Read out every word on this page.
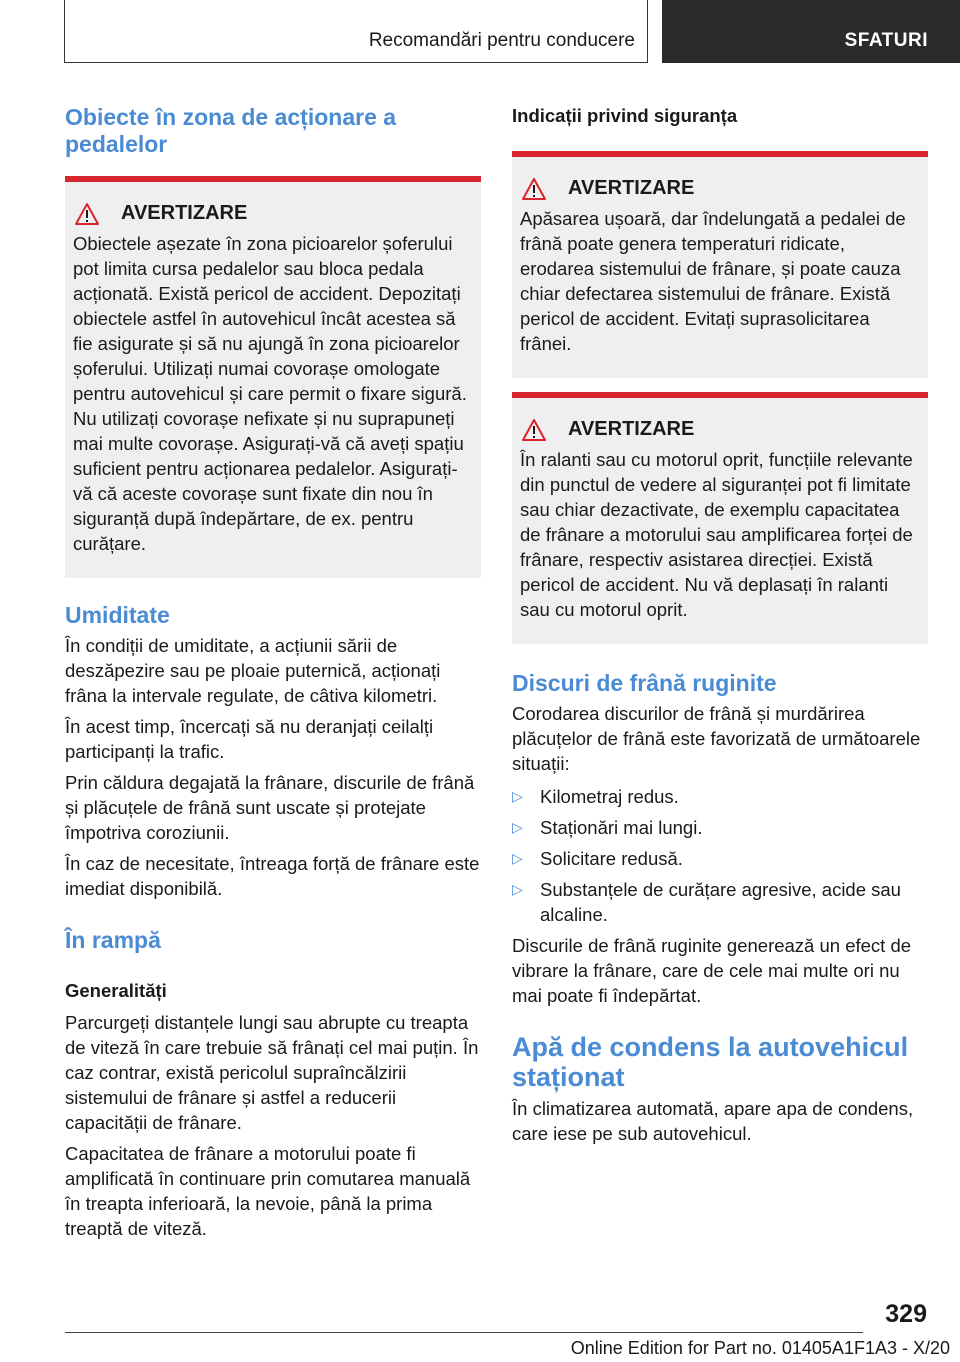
Recomandări pentru conducere	SFATURI
Obiecte în zona de acționare a pedalelor
AVERTIZARE

Obiectele așezate în zona picioarelor șoferului pot limita cursa pedalelor sau bloca pedala acționată. Există pericol de accident. Depozitați obiectele astfel în autovehicul încât acestea să fie asigurate și să nu ajungă în zona picioarelor șoferului. Utilizați numai covorașe omologate pentru autovehicul și care permit o fixare sigură. Nu utilizați covorașe nefixate și nu suprapuneți mai multe covorașe. Asigurați-vă că aveți spațiu suficient pentru acționarea pedalelor. Asigurați-vă că aceste covorașe sunt fixate din nou în siguranță după îndepărtare, de ex. pentru curățare.

Umiditate

În condiții de umiditate, a acțiunii sării de deszăpezire sau pe ploaie puternică, acționați frâna la intervale regulate, de câtiva kilometri.

În acest timp, încercați să nu deranjați ceilalți participanți la trafic.

Prin căldura degajată la frânare, discurile de frână și plăcuțele de frână sunt uscate și protejate împotriva coroziunii.

În caz de necesitate, întreaga forță de frânare este imediat disponibilă.

În rampă
Generalități

Parcurgeți distanțele lungi sau abrupte cu treapta de viteză în care trebuie să frânați cel mai puțin. În caz contrar, există pericolul supraîncălzirii sistemului de frânare și astfel a reducerii capacității de frânare.

Capacitatea de frânare a motorului poate fi amplificată în continuare prin comutarea manuală în treapta inferioară, la nevoie, până la prima treaptă de viteză.

Indicații privind siguranța
AVERTIZARE

Apăsarea ușoară, dar îndelungată a pedalei de frână poate genera temperaturi ridicate, erodarea sistemului de frânare, și poate cauza chiar defectarea sistemului de frânare. Există pericol de accident. Evitați suprasolicitarea frânei.

AVERTIZARE

În ralanti sau cu motorul oprit, funcțiile relevante din punctul de vedere al siguranței pot fi limitate sau chiar dezactivate, de exemplu capacitatea de frânare a motorului sau amplificarea forței de frânare, respectiv asistarea direcției. Există pericol de accident. Nu vă deplasați în ralanti sau cu motorul oprit.

Discuri de frână ruginite

Corodarea discurilor de frână și murdărirea plăcuțelor de frână este favorizată de următoarele situații:

▷ Kilometraj redus.
▷ Staționări mai lungi.
▷ Solicitare redusă.
▷ Substanțele de curățare agresive, acide sau alcaline.

Discurile de frână ruginite generează un efect de vibrare la frânare, care de cele mai multe ori nu mai poate fi îndepărtat.

Apă de condens la autovehicul staționat

În climatizarea automată, apare apa de condens, care iese pe sub autovehicul.

329
Online Edition for Part no. 01405A1F1A3 - X/20
